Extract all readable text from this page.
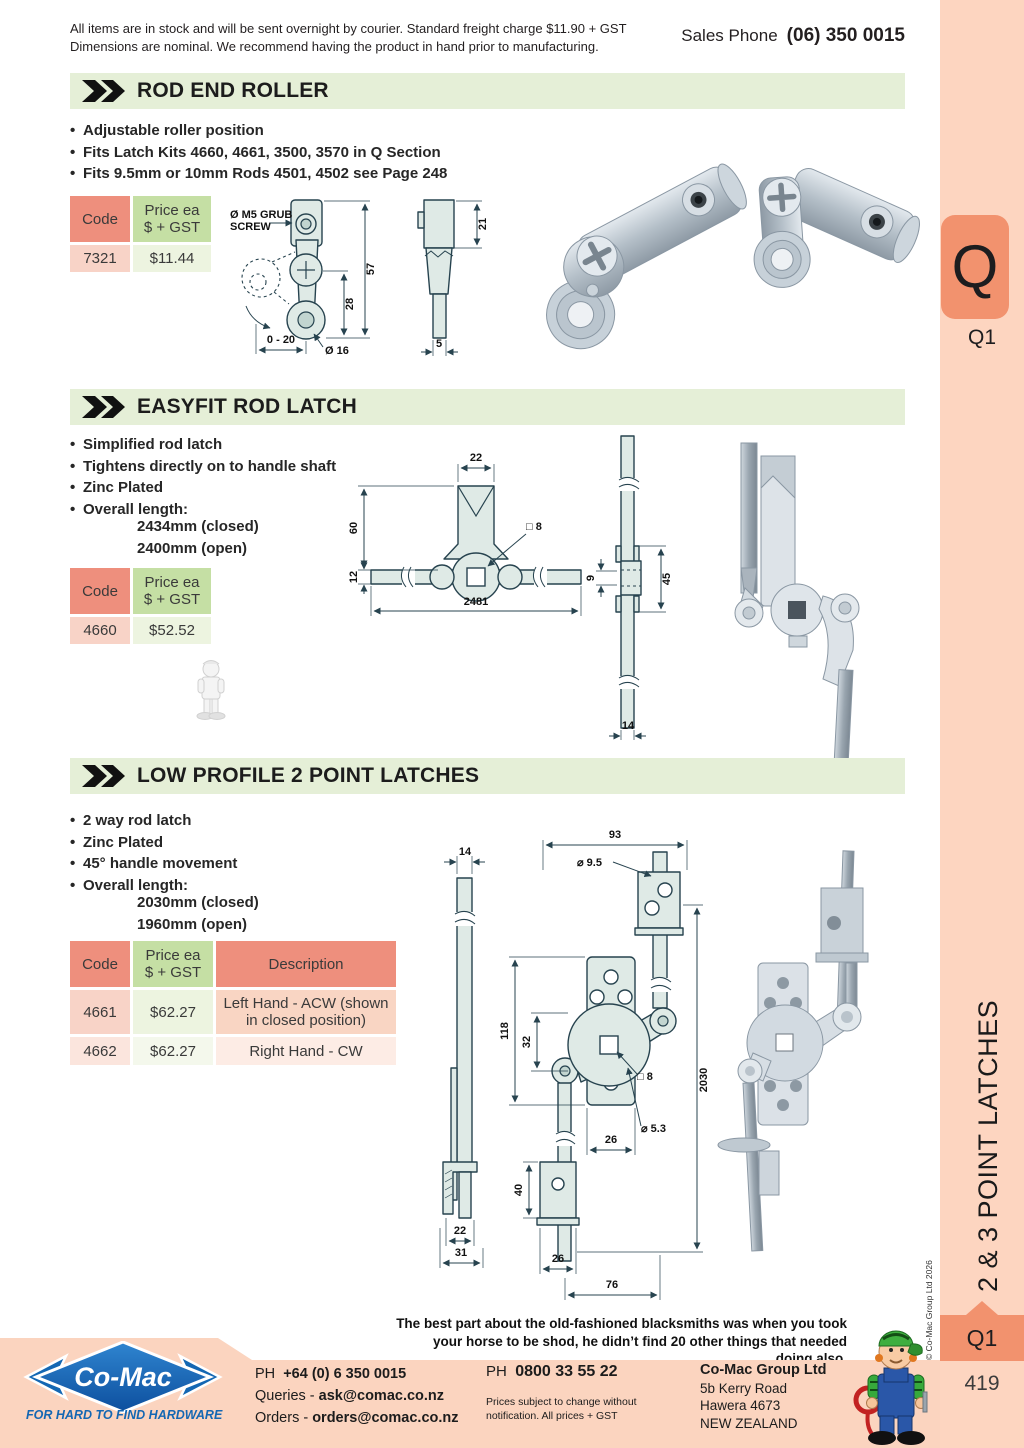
All items are in stock and will be sent overnight by courier. Standard freight charge $11.90 + GST
Dimensions are nominal. We recommend having the product in hand prior to manufacturing.
Sales Phone (06) 350 0015
ROD END ROLLER
• Adjustable roller position
• Fits Latch Kits 4660, 4661, 3500, 3570 in Q Section
• Fits 9.5mm or 10mm Rods 4501, 4502 see Page 248
Code	Price ea
$ + GST
7321	$11.44
Ø M5 GRUB
SCREW
57
28
0 - 20
Ø 16
21
5
EASYFIT ROD LATCH
• Simplified rod latch
• Tightens directly on to handle shaft
• Zinc Plated
• Overall length:
2434mm (closed)
2400mm (open)
Code	Price ea
$ + GST
4660	$52.52
22
60
12
2481
□ 8
9	45
14
LOW PROFILE 2 POINT LATCHES
• 2 way rod latch
• Zinc Plated
• 45° handle movement
• Overall length:
2030mm (closed)
1960mm (open)
Code	Price ea
$ + GST	Description
4661	$62.27	Left Hand - ACW (shown in closed position)
4662	$62.27	Right Hand - CW
14
22
31
93
⌀ 9.5
118
32
2030
□ 8
⌀ 5.3
26
40
26
76
The best part about the old-fashioned blacksmiths was when you took
your horse to be shod, he didn’t find 20 other things that needed doing also.
Co-Mac
FOR HARD TO FIND HARDWARE
PH +64 (0) 6 350 0015
Queries - ask@comac.co.nz
Orders - orders@comac.co.nz
PH 0800 33 55 22
Prices subject to change without
notification. All prices + GST
Co-Mac Group Ltd
5b Kerry Road
Hawera 4673
NEW ZEALAND
Q
Q1
2 & 3 POINT LATCHES
© Co-Mac Group Ltd 2026 Q1
419
